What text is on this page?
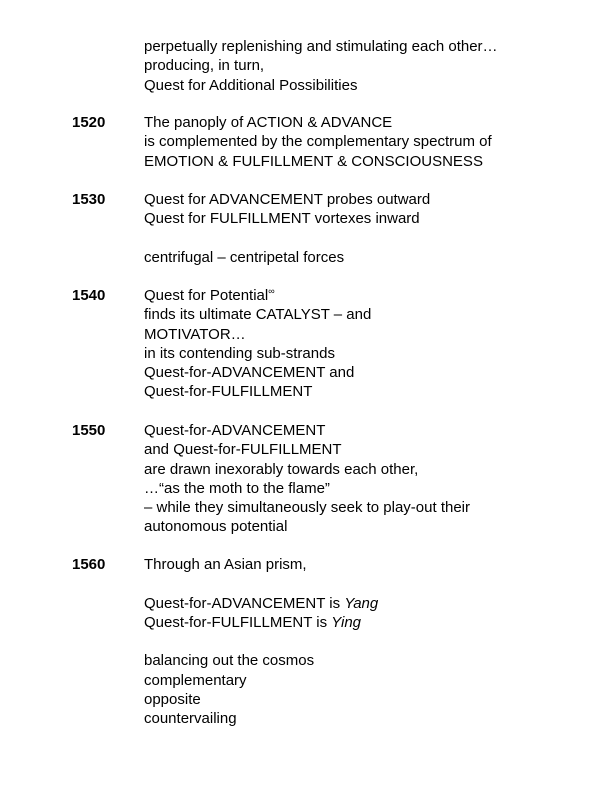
perpetually replenishing and stimulating each other…
producing, in turn,
Quest for Additional Possibilities
1520	The panoply of ACTION & ADVANCE
is complemented by the complementary spectrum of
EMOTION & FULFILLMENT & CONSCIOUSNESS
1530	Quest for ADVANCEMENT probes outward
Quest for FULFILLMENT vortexes inward
centrifugal – centripetal forces
1540	Quest for Potential∞
finds its ultimate CATALYST – and
MOTIVATOR…
in its contending sub-strands
Quest-for-ADVANCEMENT and
Quest-for-FULFILLMENT
1550	Quest-for-ADVANCEMENT
and Quest-for-FULFILLMENT
are drawn inexorably towards each other,
…“as the moth to the flame”
– while they simultaneously seek to play-out their
autonomous potential
1560	Through an Asian prism,
Quest-for-ADVANCEMENT is Yang
Quest-for-FULFILLMENT is Ying
balancing out the cosmos
complementary
opposite
countervailing
